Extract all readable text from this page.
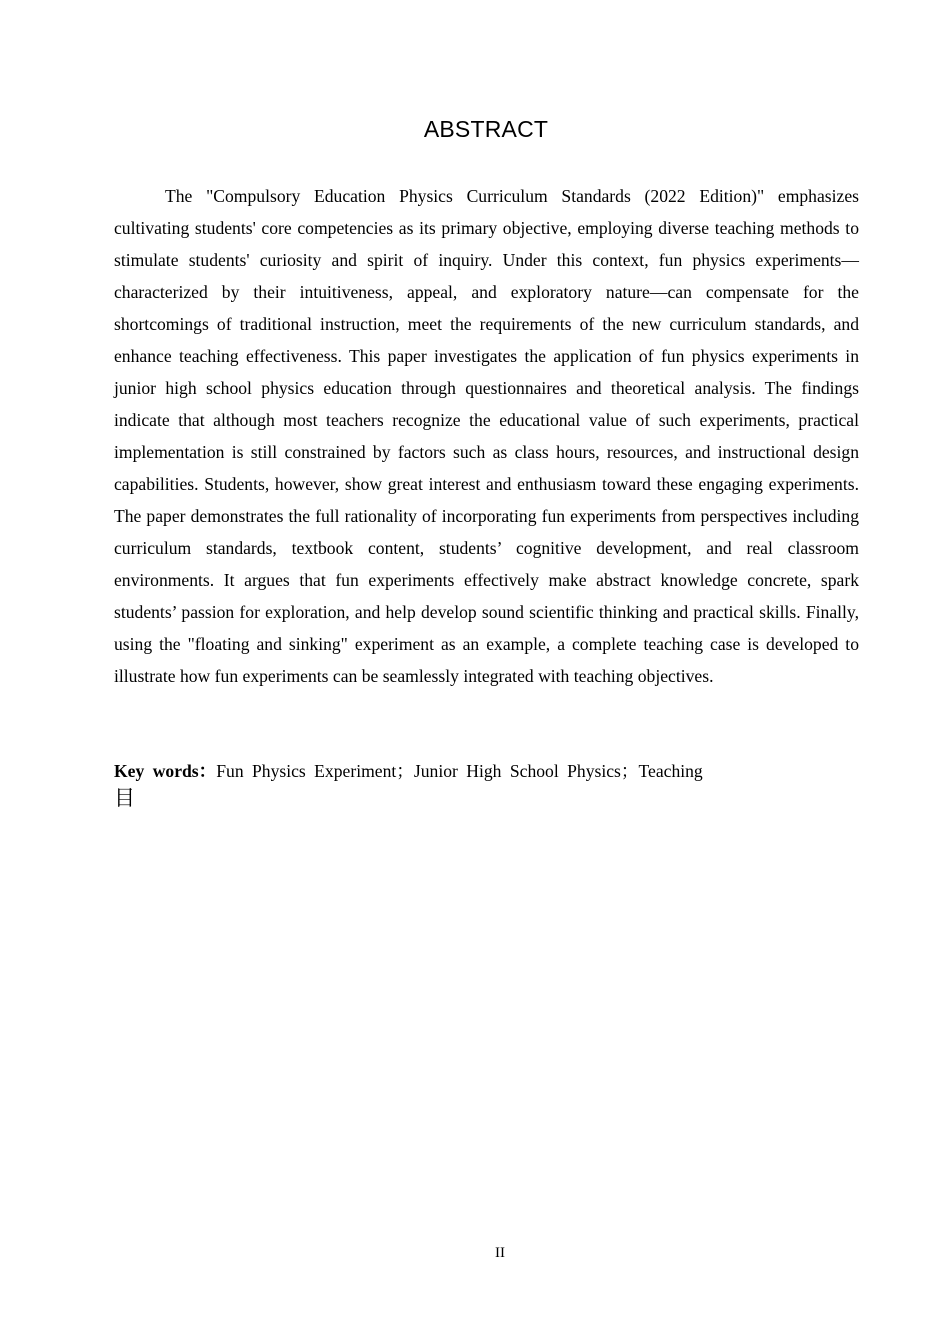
ABSTRACT

The "Compulsory Education Physics Curriculum Standards (2022 Edition)" emphasizes cultivating students' core competencies as its primary objective, employing diverse teaching methods to stimulate students' curiosity and spirit of inquiry. Under this context, fun physics experiments—characterized by their intuitiveness, appeal, and exploratory nature—can compensate for the shortcomings of traditional instruction, meet the requirements of the new curriculum standards, and enhance teaching effectiveness. This paper investigates the application of fun physics experiments in junior high school physics education through questionnaires and theoretical analysis. The findings indicate that although most teachers recognize the educational value of such experiments, practical implementation is still constrained by factors such as class hours, resources, and instructional design capabilities. Students, however, show great interest and enthusiasm toward these engaging experiments. The paper demonstrates the full rationality of incorporating fun experiments from perspectives including curriculum standards, textbook content, students’ cognitive development, and real classroom environments. It argues that fun experiments effectively make abstract knowledge concrete, spark students’ passion for exploration, and help develop sound scientific thinking and practical skills. Finally, using the "floating and sinking" experiment as an example, a complete teaching case is developed to illustrate how fun experiments can be seamlessly integrated with teaching objectives.

Key words：Fun Physics Experiment；Junior High School Physics；Teaching
目
II
